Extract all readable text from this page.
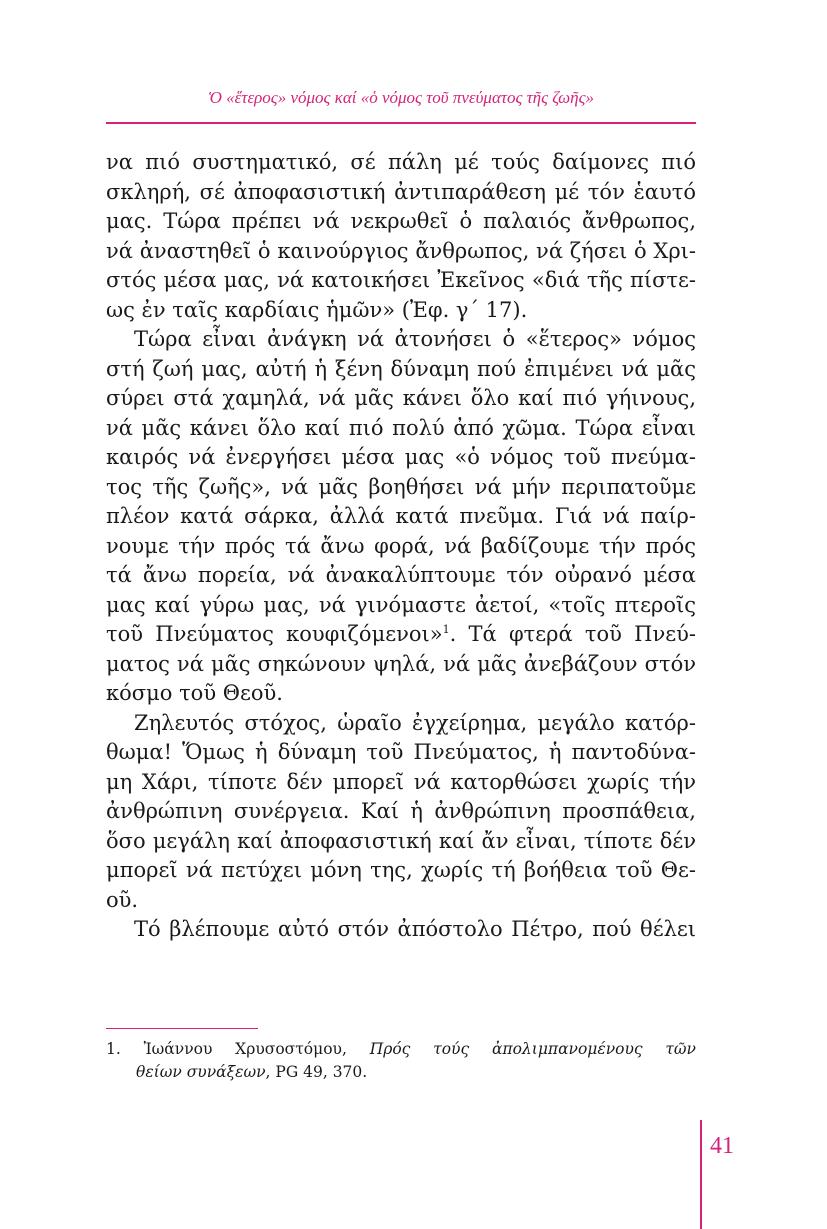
Ὁ «ἕτερος» νόμος καί «ὁ νόμος τοῦ πνεύματος τῆς ζωῆς»
να πιό συστηματικό, σέ πάλη μέ τούς δαίμονες πιό
σκληρή, σέ ἀποφασιστική ἀντιπαράθεση μέ τόν ἑαυτό
μας. Τώρα πρέπει νά νεκρωθεῖ ὁ παλαιός ἄνθρωπος,
νά ἀναστηθεῖ ὁ καινούργιος ἄνθρωπος, νά ζήσει ὁ Χρι-
στός μέσα μας, νά κατοικήσει Ἐκεῖνος «διά τῆς πίστε-
ως ἐν ταῖς καρδίαις ἡμῶν» (Ἐφ. γ΄ 17).
Τώρα εἶναι ἀνάγκη νά ἀτονήσει ὁ «ἕτερος» νόμος
στή ζωή μας, αὐτή ἡ ξένη δύναμη πού ἐπιμένει νά μᾶς
σύρει στά χαμηλά, νά μᾶς κάνει ὅλο καί πιό γήινους,
νά μᾶς κάνει ὅλο καί πιό πολύ ἀπό χῶμα. Τώρα εἶναι
καιρός νά ἐνεργήσει μέσα μας «ὁ νόμος τοῦ πνεύμα-
τος τῆς ζωῆς», νά μᾶς βοηθήσει νά μήν περιπατοῦμε
πλέον κατά σάρκα, ἀλλά κατά πνεῦμα. Γιά νά παίρ-
νουμε τήν πρός τά ἄνω φορά, νά βαδίζουμε τήν πρός
τά ἄνω πορεία, νά ἀνακαλύπτουμε τόν οὐρανό μέσα
μας καί γύρω μας, νά γινόμαστε ἀετοί, «τοῖς πτεροῖς
τοῦ Πνεύματος κουφιζόμενοι»$^1$. Τά φτερά τοῦ Πνεύ-
ματος νά μᾶς σηκώνουν ψηλά, νά μᾶς ἀνεβάζουν στόν
κόσμο τοῦ Θεοῦ.
Ζηλευτός στόχος, ὡραῖο ἐγχείρημα, μεγάλο κατόρ-
θωμα! Ὅμως ἡ δύναμη τοῦ Πνεύματος, ἡ παντοδύνα-
μη Χάρι, τίποτε δέν μπορεῖ νά κατορθώσει χωρίς τήν
ἀνθρώπινη συνέργεια. Καί ἡ ἀνθρώπινη προσπάθεια,
ὅσο μεγάλη καί ἀποφασιστική καί ἄν εἶναι, τίποτε δέν
μπορεῖ νά πετύχει μόνη της, χωρίς τή βοήθεια τοῦ Θε-
οῦ.
Τό βλέπουμε αὐτό στόν ἀπόστολο Πέτρο, πού θέλει
1. Ἰωάννου Χρυσοστόμου, Πρός τούς ἀπολιμπανομένους τῶν
θείων συνάξεων, PG 49, 370.
41
